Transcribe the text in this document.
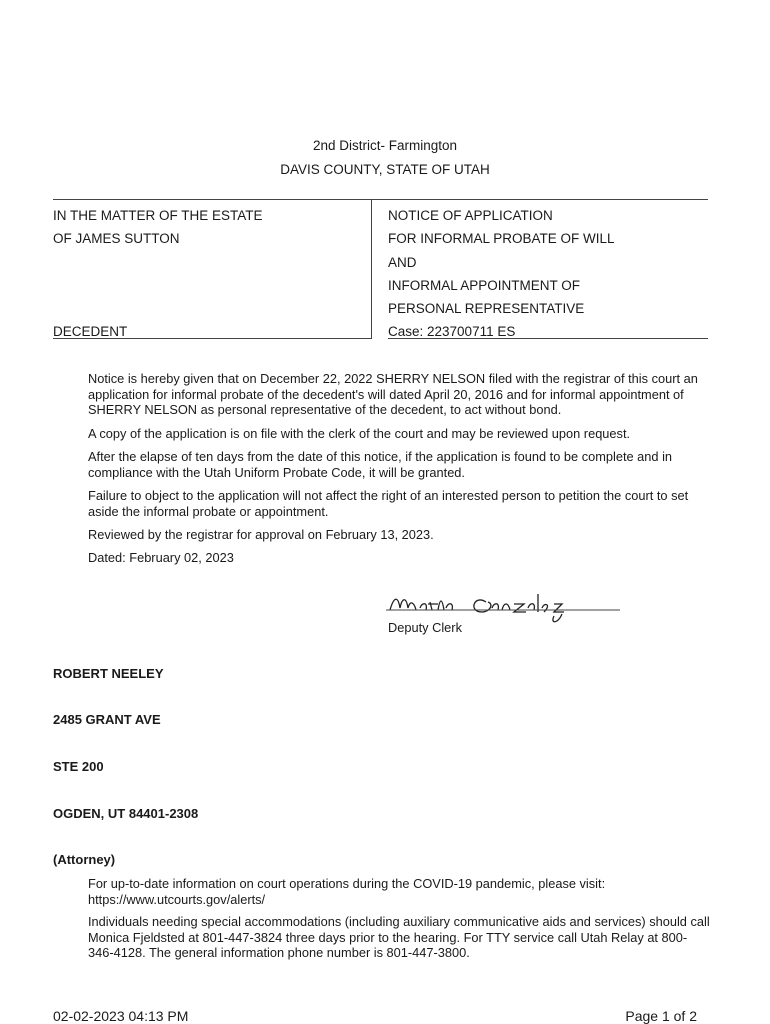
2nd District- Farmington
DAVIS COUNTY, STATE OF UTAH
IN THE MATTER OF THE ESTATE
OF JAMES SUTTON
DECEDENT
NOTICE OF APPLICATION
FOR INFORMAL PROBATE OF WILL
AND
INFORMAL APPOINTMENT OF
PERSONAL REPRESENTATIVE
Case: 223700711 ES
Notice is hereby given that on December 22, 2022 SHERRY NELSON filed with the registrar of this court an application for informal probate of the decedent's will dated April 20, 2016 and for informal appointment of SHERRY NELSON as personal representative of the decedent, to act without bond.
A copy of the application is on file with the clerk of the court and may be reviewed upon request.
After the elapse of ten days from the date of this notice, if the application is found to be complete and in compliance with the Utah Uniform Probate Code, it will be granted.
Failure to object to the application will not affect the right of an interested person to petition the court to set aside the informal probate or appointment.
Reviewed by the registrar for approval on February 13, 2023.
Dated: February 02, 2023
Deputy Clerk
ROBERT NEELEY
2485 GRANT AVE
STE 200
OGDEN, UT 84401-2308
(Attorney)
For up-to-date information on court operations during the COVID-19 pandemic, please visit: https://www.utcourts.gov/alerts/
Individuals needing special accommodations (including auxiliary communicative aids and services) should call Monica Fjeldsted at 801-447-3824 three days prior to the hearing. For TTY service call Utah Relay at 800-346-4128. The general information phone number is 801-447-3800.
02-02-2023 04:13 PM	Page 1 of 2
